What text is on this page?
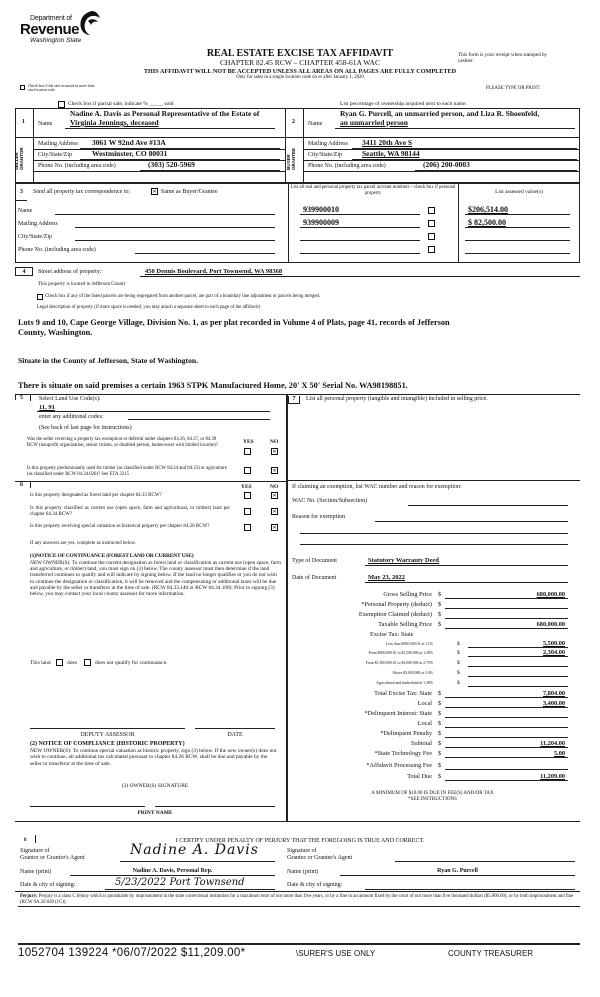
Department of
Revenue
Washington State
REAL ESTATE EXCISE TAX AFFIDAVIT
CHAPTER 82.45 RCW – CHAPTER 458-61A WAC
THIS AFFIDAVIT WILL NOT BE ACCEPTED UNLESS ALL AREAS ON ALL PAGES ARE FULLY COMPLETED
Only for sales in a single location code on or after January 1, 2020
This form is your receipt when stamped by cashier.
PLEASE TYPE OR PRINT
Check box if the sale occurred in more than one location code
Check box if partial sale, indicate % _____ sold	List percentage of ownership acquired next to each name.
1
SELLER GRANTOR
Name
Nadine A. Davis as Personal Representative of the Estate of
Virginia Jennings, deceased
Mailing Address 3061 W 92nd Ave #13A
City/State/Zip	Westminster, CO 80031
Phone No. (including area code)	(303) 520-5969
2
BUYER GRANTEE
Name
Ryan G. Purcell, an unmarried person, and Liza R. Shoenfeld,
an unmarried person
Mailing Address 3411 20th Ave S
City/State/Zip	Seattle, WA 98144
Phone No. (including area code)	(206) 200-0003
3 Send all property tax correspondence to: ✕	Same as Buyer/Grantee
Name
Mailing Address
City/State/Zip
Phone No. (including area code)
List all real and personal property tax parcel account numbers – check box if personal property	List assessed value(s)
939900010	$206,514.00
939900009	$ 82,500.00
4	Street address of property:	450 Dennis Boulevard, Port Townsend, WA 98368
This property is located in Jefferson County
Check box if any of the listed parcels are being segregated from another parcel, are part of a boundary line adjustment or parcels being merged.
Legal description of property (if more space is needed, you may attach a separate sheet to each page of the affidavit)
Lots 9 and 10, Cape George Village, Division No. 1, as per plat recorded in Volume 4 of Plats, page 41, records of Jefferson
County, Washington.
Situate in the County of Jefferson, State of Washington.
There is situate on said premises a certain 1963 STPK Manufactured Home, 20' X 50' Serial No. WA98198851.
5	Select Land Use Code(s):
11, 91
enter any additional codes:
(See back of last page for instructions)
YES	NO
Was the seller receiving a property tax exemption or deferral under chapters 84.36, 84.37, or 84.38 RCW (nonprofit organization, senior citizen, or disabled person, homeowner with limited income)?
✕
Is this property predominantly used for timber (as classified under RCW 84.34 and 84.33) or agriculture (as classified under RCW 84.34.020)? See ETA 3215
✕
6	YES	NO
Is this property designated as forest land per chapter 84.33 RCW?
✕
Is this property classified as current use (open space, farm and agricultural, or timber) land per chapter 84.34 RCW?
✕
Is this property receiving special valuation as historical property per chapter 84.26 RCW?
✕
If any answers are yes, complete as instructed below.
(1)NOTICE OF CONTINUANCE (FOREST LAND OR CURRENT USE)
NEW OWNER(S): To continue the current designation as forest land or classification as current use (open space, farm and agriculture, or timber) land, you must sign on (3) below. The county assessor must then determine if the land transferred continues to qualify and will indicate by signing below. If the land no longer qualifies or you do not wish to continue the designation or classification, it will be removed and the compensating or additional taxes will be due and payable by the seller or transferor at the time of sale. (RCW 84.33.140 or RCW 84.34.108). Prior to signing (3) below, you may contact your local county assessor for more information.
This land	does	does not qualify for continuance.
DEPUTY ASSESSOR	DATE
(2) NOTICE OF COMPLIANCE (HISTORIC PROPERTY)
NEW OWNER(S): To continue special valuation as historic property, sign (3) below. If the new owner(s) does not wish to continue, all additional tax calculated pursuant to chapter 84.26 RCW, shall be due and payable by the seller or transferor at the time of sale.
(3) OWNER(S) SIGNATURE
PRINT NAME
7	List all personal property (tangible and intangible) included in selling price.
If claiming an exemption, list WAC number and reason for exemption:
WAC No. (Section/Subsection)
Reason for exemption
Type of Document	Statutory Warranty Deed
Date of Document	May 23, 2022
Gross Selling Price $	680,000.00
*Personal Property (deduct) $
Exemption Claimed (deduct) $
Taxable Selling Price $	680,000.00
Excise Tax: State
Less than $500,000.01 at 1.1%	$	5,500.00
From $500,000.01 to $1,500,000 at 1.28%	$	2,304.00
From $1,500,000.01 to $3,000,000 at 2.75%	$
Above $3,000,000 at 3.0%	$
Agricultural and timberland at 1.28%	$
Total Excise Tax: State $	7,804.00
Local $	3,400.00
*Delinquent Interest: State $
Local $
*Delinquent Penalty $
Subtotal $	11,204.00
*State Technology Fee $	5.00
*Affidavit Processing Fee $
Total Due $	11,209.00
A MINIMUM OF $10.00 IS DUE IN FEE(S) AND/OR TAX
*SEE INSTRUCTIONS
8	I CERTIFY UNDER PENALTY OF PERJURY THAT THE FOREGOING IS TRUE AND CORRECT.
Signature of
Grantor or Grantor's Agent	Nadine A. Davis	Signature of
Grantee or Grantee's Agent
Name (print)	Nadine A. Davis, Personal Rep.	Name (print)	Ryan G. Purcell
Date & city of signing:	5/23/2022 Port Townsend	Date & city of signing:
Perjury: Perjury is a class C felony which is punishable by imprisonment in the state correctional institution for a maximum term of not more than five years, or by a fine in an amount fixed by the court of not more than five thousand dollars ($5,000.00), or by both imprisonment and fine (RCW 9A.20.020 (1C)).
1052704 139224 *06/07/2022 $11,209.00*	\SURER'S USE ONLY	COUNTY TREASURER
